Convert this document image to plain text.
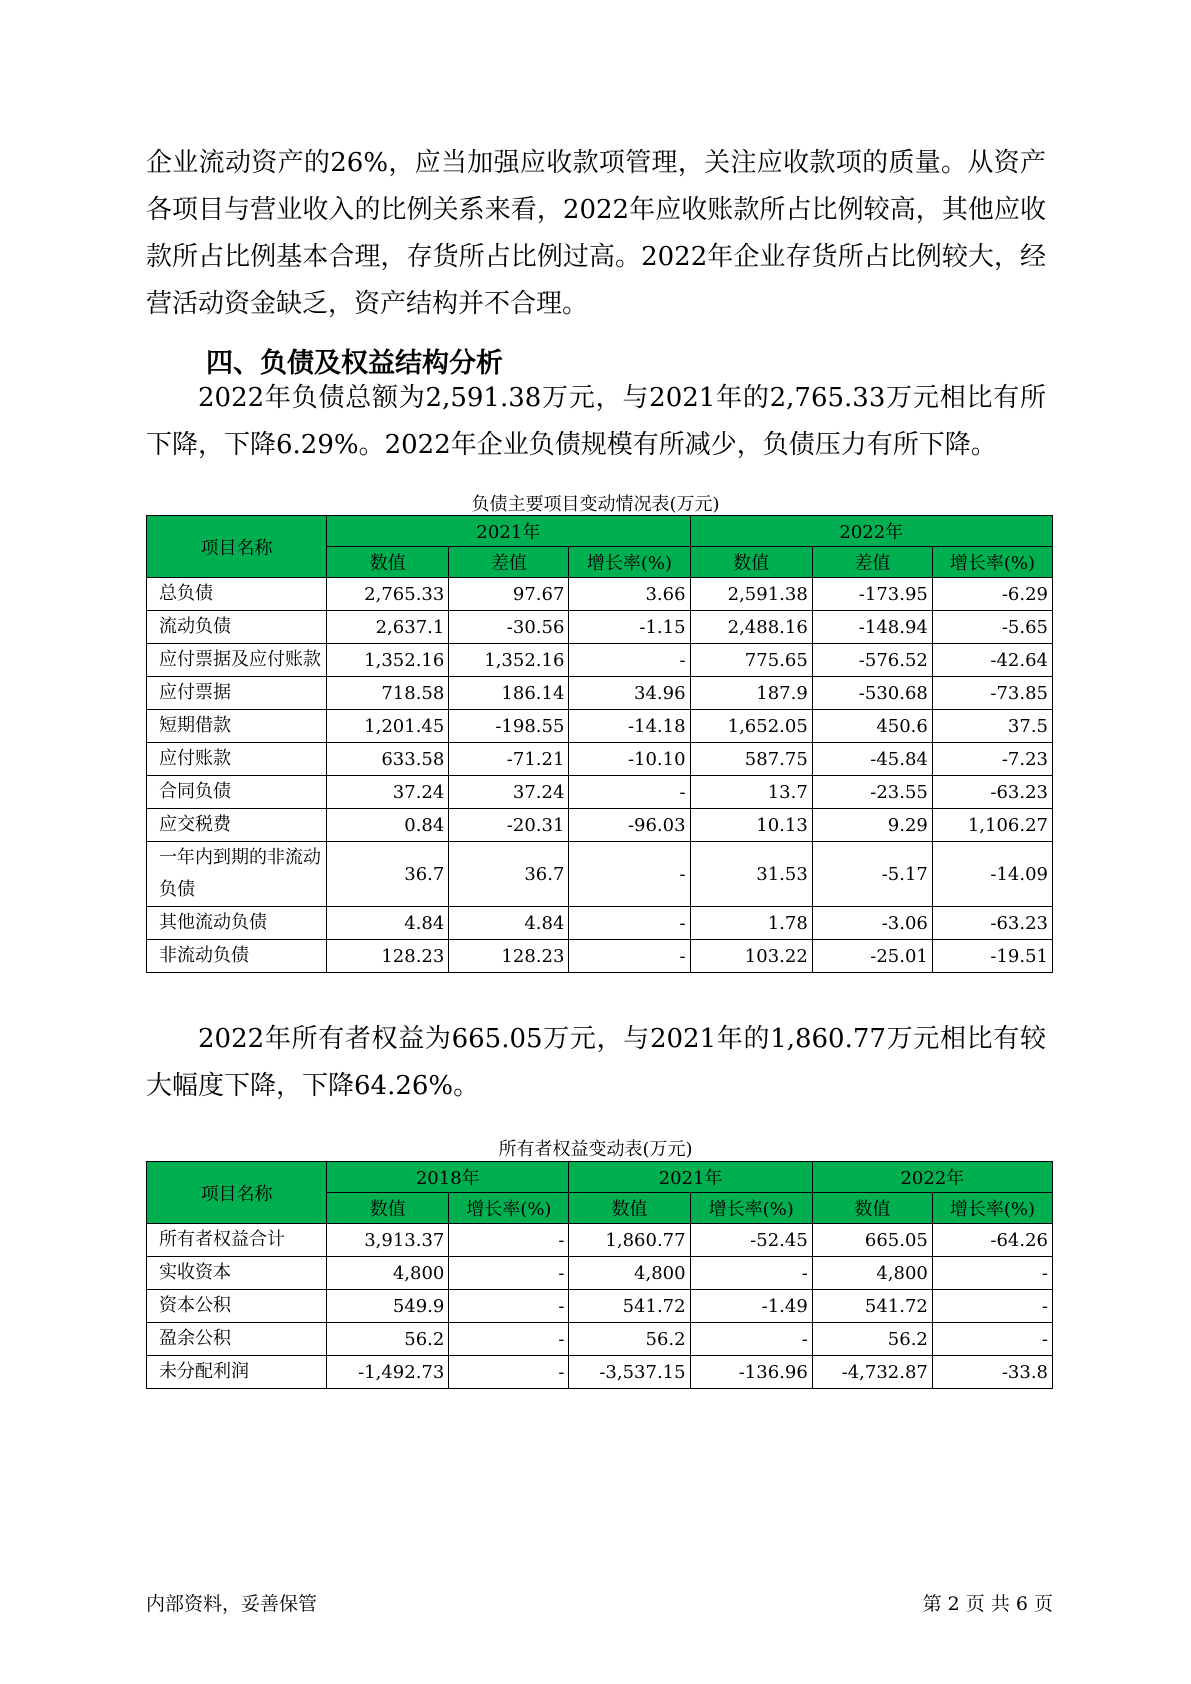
企业流动资产的26%，应当加强应收款项管理，关注应收款项的质量。从资产各项目与营业收入的比例关系来看，2022年应收账款所占比例较高，其他应收款所占比例基本合理，存货所占比例过高。2022年企业存货所占比例较大，经营活动资金缺乏，资产结构并不合理。

四、负债及权益结构分析

2022年负债总额为2,591.38万元，与2021年的2,765.33万元相比有所下降，下降6.29%。2022年企业负债规模有所减少，负债压力有所下降。

负债主要项目变动情况表(万元)

项目名称	2021年			2022年		
	数值	差值	增长率(%)	数值	差值	增长率(%)
总负债	2,765.33	97.67	3.66	2,591.38	-173.95	-6.29
流动负债	2,637.1	-30.56	-1.15	2,488.16	-148.94	-5.65
应付票据及应付账款	1,352.16	1,352.16	-	775.65	-576.52	-42.64
应付票据	718.58	186.14	34.96	187.9	-530.68	-73.85
短期借款	1,201.45	-198.55	-14.18	1,652.05	450.6	37.5
应付账款	633.58	-71.21	-10.10	587.75	-45.84	-7.23
合同负债	37.24	37.24	-	13.7	-23.55	-63.23
应交税费	0.84	-20.31	-96.03	10.13	9.29	1,106.27
一年内到期的非流动负债	36.7	36.7	-	31.53	-5.17	-14.09
其他流动负债	4.84	4.84	-	1.78	-3.06	-63.23
非流动负债	128.23	128.23	-	103.22	-25.01	-19.51

2022年所有者权益为665.05万元，与2021年的1,860.77万元相比有较大幅度下降，下降64.26%。

所有者权益变动表(万元)

项目名称	2018年		2021年		2022年	
	数值	增长率(%)	数值	增长率(%)	数值	增长率(%)
所有者权益合计	3,913.37	-	1,860.77	-52.45	665.05	-64.26
实收资本	4,800	-	4,800	-	4,800	-
资本公积	549.9	-	541.72	-1.49	541.72	-
盈余公积	56.2	-	56.2	-	56.2	-
未分配利润	-1,492.73	-	-3,537.15	-136.96	-4,732.87	-33.8
内部资料，妥善保管	第 2 页 共 6 页
